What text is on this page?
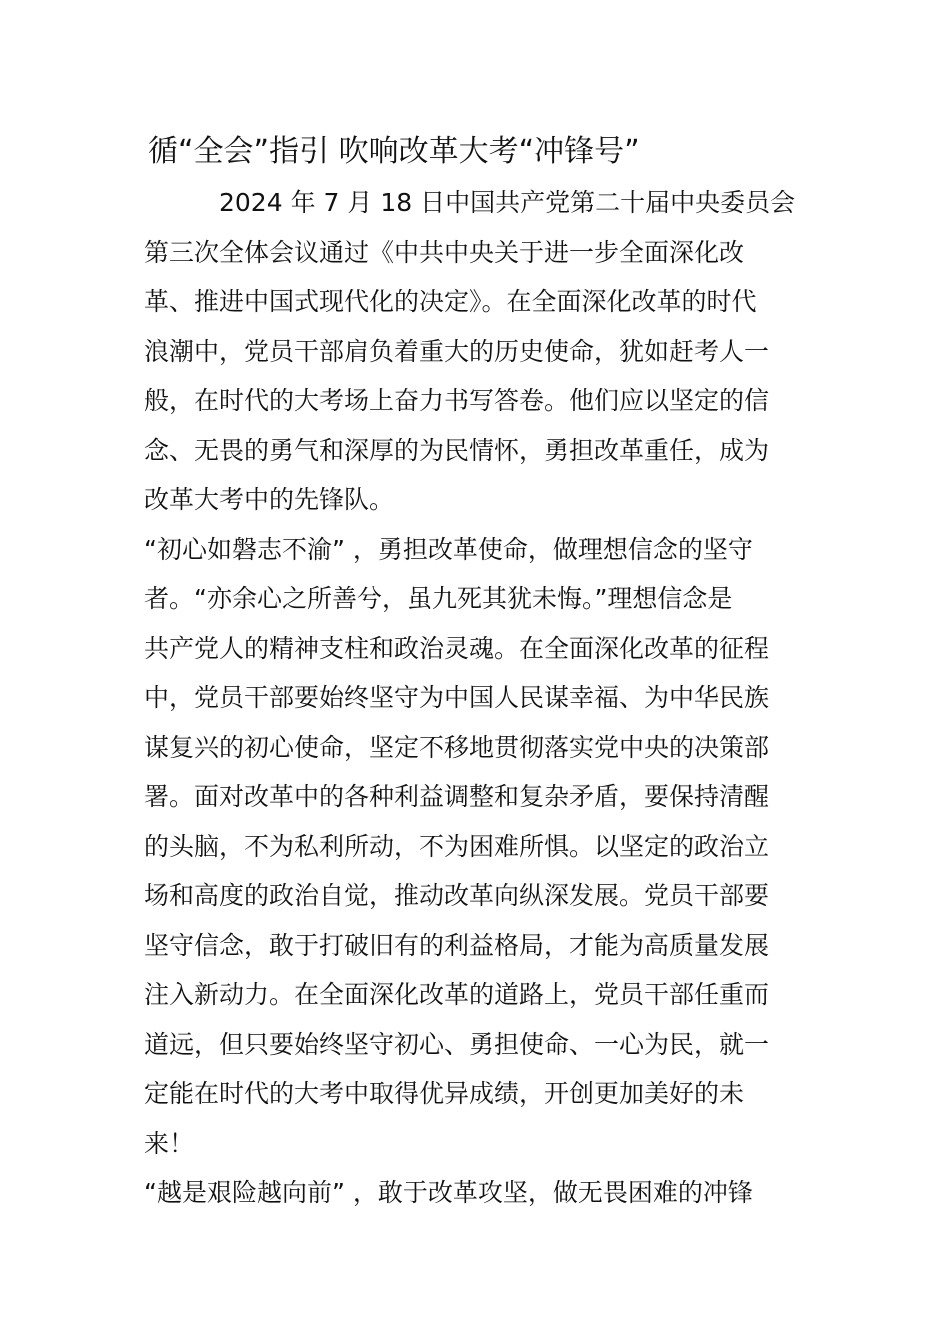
循“全会”指引 吹响改革大考“冲锋号”
　　　2024 年 7 月 18 日中国共产党第二十届中央委员会
第三次全体会议通过《中共中央关于进一步全面深化改
革、推进中国式现代化的决定》。在全面深化改革的时代
浪潮中，党员干部肩负着重大的历史使命，犹如赶考人一
般，在时代的大考场上奋力书写答卷。他们应以坚定的信
念、无畏的勇气和深厚的为民情怀，勇担改革重任，成为
改革大考中的先锋队。
“初心如磐志不渝” ，勇担改革使命，做理想信念的坚守
者。“亦余心之所善兮，虽九死其犹未悔。”理想信念是
共产党人的精神支柱和政治灵魂。在全面深化改革的征程
中，党员干部要始终坚守为中国人民谋幸福、为中华民族
谋复兴的初心使命，坚定不移地贯彻落实党中央的决策部
署。面对改革中的各种利益调整和复杂矛盾，要保持清醒
的头脑，不为私利所动，不为困难所惧。以坚定的政治立
场和高度的政治自觉，推动改革向纵深发展。党员干部要
坚守信念，敢于打破旧有的利益格局，才能为高质量发展
注入新动力。在全面深化改革的道路上，党员干部任重而
道远，但只要始终坚守初心、勇担使命、一心为民，就一
定能在时代的大考中取得优异成绩，开创更加美好的未
来！
“越是艰险越向前” ，敢于改革攻坚，做无畏困难的冲锋
